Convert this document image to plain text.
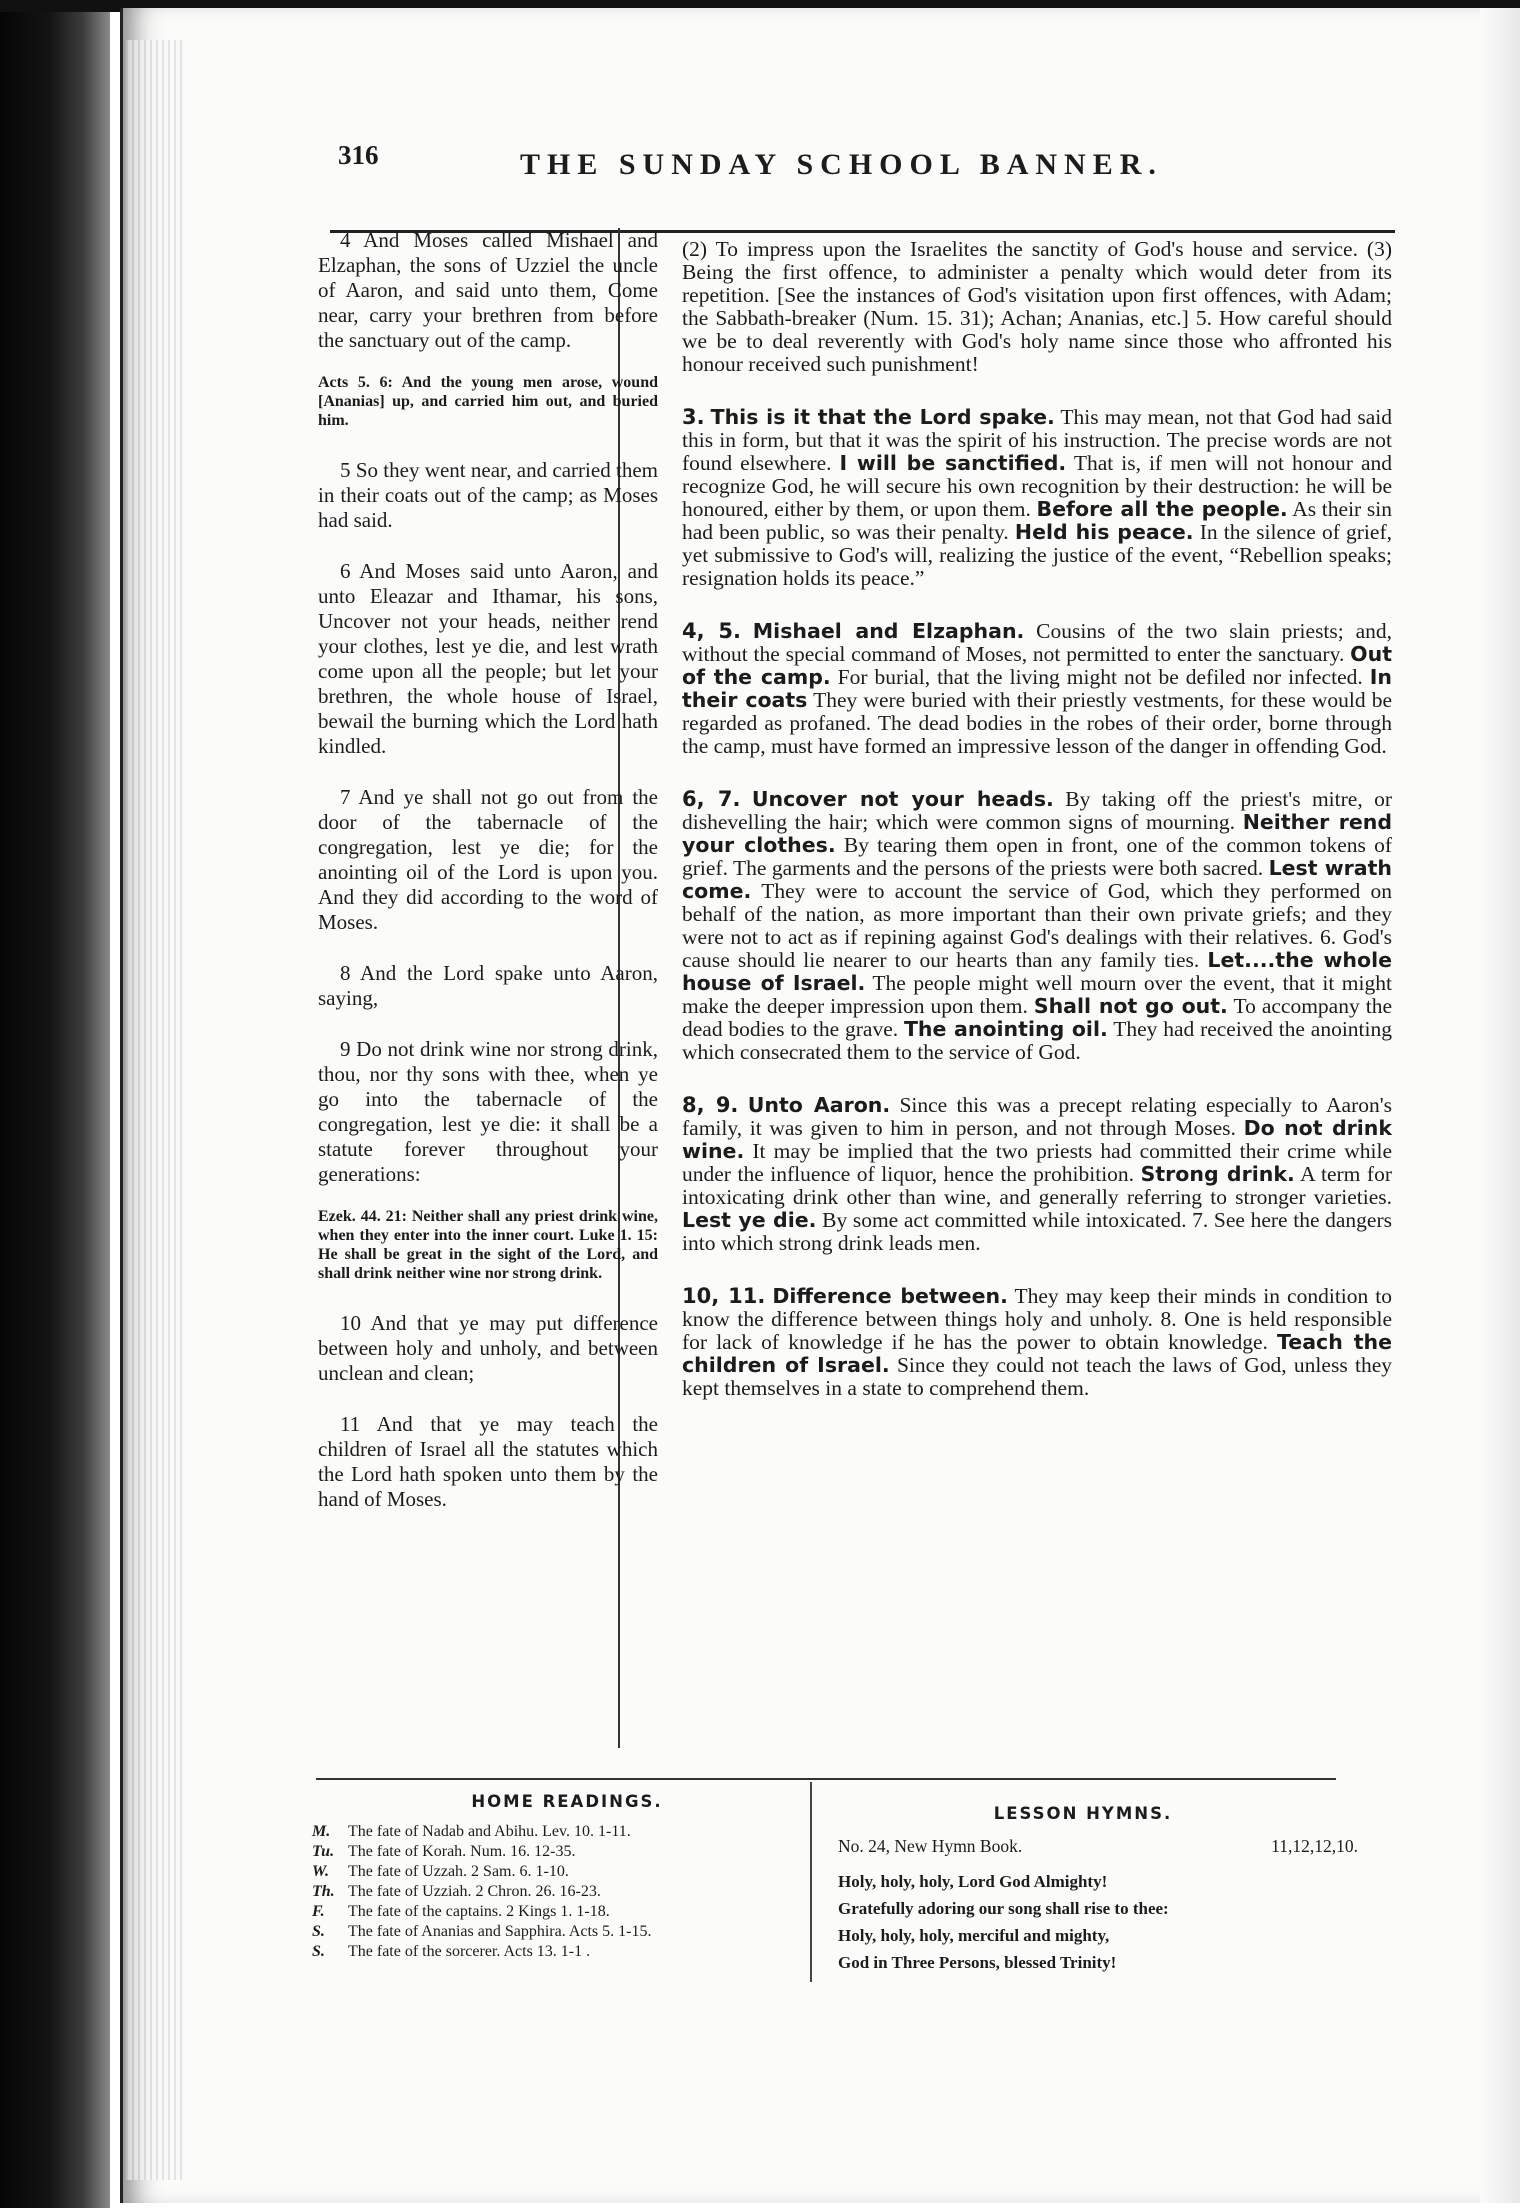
316	THE SUNDAY SCHOOL BANNER.

4 And Moses called Mishael and Elzaphan, the sons of Uzziel the uncle of Aaron, and said unto them, Come near, carry your brethren from before the sanctuary out of the camp.

Acts 5. 6: And the young men arose, wound [Ananias] up, and carried him out, and buried him.

5 So they went near, and carried them in their coats out of the camp; as Moses had said.

6 And Moses said unto Aaron, and unto Eleazar and Ithamar, his sons, Uncover not your heads, neither rend your clothes, lest ye die, and lest wrath come upon all the people; but let your brethren, the whole house of Israel, bewail the burning which the Lord hath kindled.

7 And ye shall not go out from the door of the tabernacle of the congregation, lest ye die; for the anointing oil of the Lord is upon you. And they did according to the word of Moses.

8 And the Lord spake unto Aaron, saying,

9 Do not drink wine nor strong drink, thou, nor thy sons with thee, when ye go into the tabernacle of the congregation, lest ye die: it shall be a statute forever throughout your generations:

Ezek. 44. 21: Neither shall any priest drink wine, when they enter into the inner court. Luke 1. 15: He shall be great in the sight of the Lord, and shall drink neither wine nor strong drink.

10 And that ye may put difference between holy and unholy, and between unclean and clean;

11 And that ye may teach the children of Israel all the statutes which the Lord hath spoken unto them by the hand of Moses.

(2) To impress upon the Israelites the sanctity of God's house and service. (3) Being the first offence, to administer a penalty which would deter from its repetition. [See the instances of God's visitation upon first offences, with Adam; the Sabbath-breaker (Num. 15. 31); Achan; Ananias, etc.] 5. How careful should we be to deal reverently with God's holy name since those who affronted his honour received such punishment!

3. This is it that the Lord spake. This may mean, not that God had said this in form, but that it was the spirit of his instruction. The precise words are not found elsewhere. I will be sanctified. That is, if men will not honour and recognize God, he will secure his own recognition by their destruction: he will be honoured, either by them, or upon them. Before all the people. As their sin had been public, so was their penalty. Held his peace. In the silence of grief, yet submissive to God's will, realizing the justice of the event, “Rebellion speaks; resignation holds its peace.”

4, 5. Mishael and Elzaphan. Cousins of the two slain priests; and, without the special command of Moses, not permitted to enter the sanctuary. Out of the camp. For burial, that the living might not be defiled nor infected. In their coats They were buried with their priestly vestments, for these would be regarded as profaned. The dead bodies in the robes of their order, borne through the camp, must have formed an impressive lesson of the danger in offending God.

6, 7. Uncover not your heads. By taking off the priest's mitre, or dishevelling the hair; which were common signs of mourning. Neither rend your clothes. By tearing them open in front, one of the common tokens of grief. The garments and the persons of the priests were both sacred. Lest wrath come. They were to account the service of God, which they performed on behalf of the nation, as more important than their own private griefs; and they were not to act as if repining against God's dealings with their relatives. 6. God's cause should lie nearer to our hearts than any family ties. Let....the whole house of Israel. The people might well mourn over the event, that it might make the deeper impression upon them. Shall not go out. To accompany the dead bodies to the grave. The anointing oil. They had received the anointing which consecrated them to the service of God.

8, 9. Unto Aaron. Since this was a precept relating especially to Aaron's family, it was given to him in person, and not through Moses. Do not drink wine. It may be implied that the two priests had committed their crime while under the influence of liquor, hence the prohibition. Strong drink. A term for intoxicating drink other than wine, and generally referring to stronger varieties. Lest ye die. By some act committed while intoxicated. 7. See here the dangers into which strong drink leads men.

10, 11. Difference between. They may keep their minds in condition to know the difference between things holy and unholy. 8. One is held responsible for lack of knowledge if he has the power to obtain knowledge. Teach the children of Israel. Since they could not teach the laws of God, unless they kept themselves in a state to comprehend them.

HOME READINGS.
M. The fate of Nadab and Abihu. Lev. 10. 1-11.
Tu. The fate of Korah. Num. 16. 12-35.
W. The fate of Uzzah. 2 Sam. 6. 1-10.
Th. The fate of Uzziah. 2 Chron. 26. 16-23.
F. The fate of the captains. 2 Kings 1. 1-18.
S. The fate of Ananias and Sapphira. Acts 5. 1-15.
S. The fate of the sorcerer. Acts 13. 1-1 .
LESSON HYMNS.
No. 24, New Hymn Book.	11,12,12,10.
Holy, holy, holy, Lord God Almighty!
Gratefully adoring our song shall rise to thee:
Holy, holy, holy, merciful and mighty,
God in Three Persons, blessed Trinity!
